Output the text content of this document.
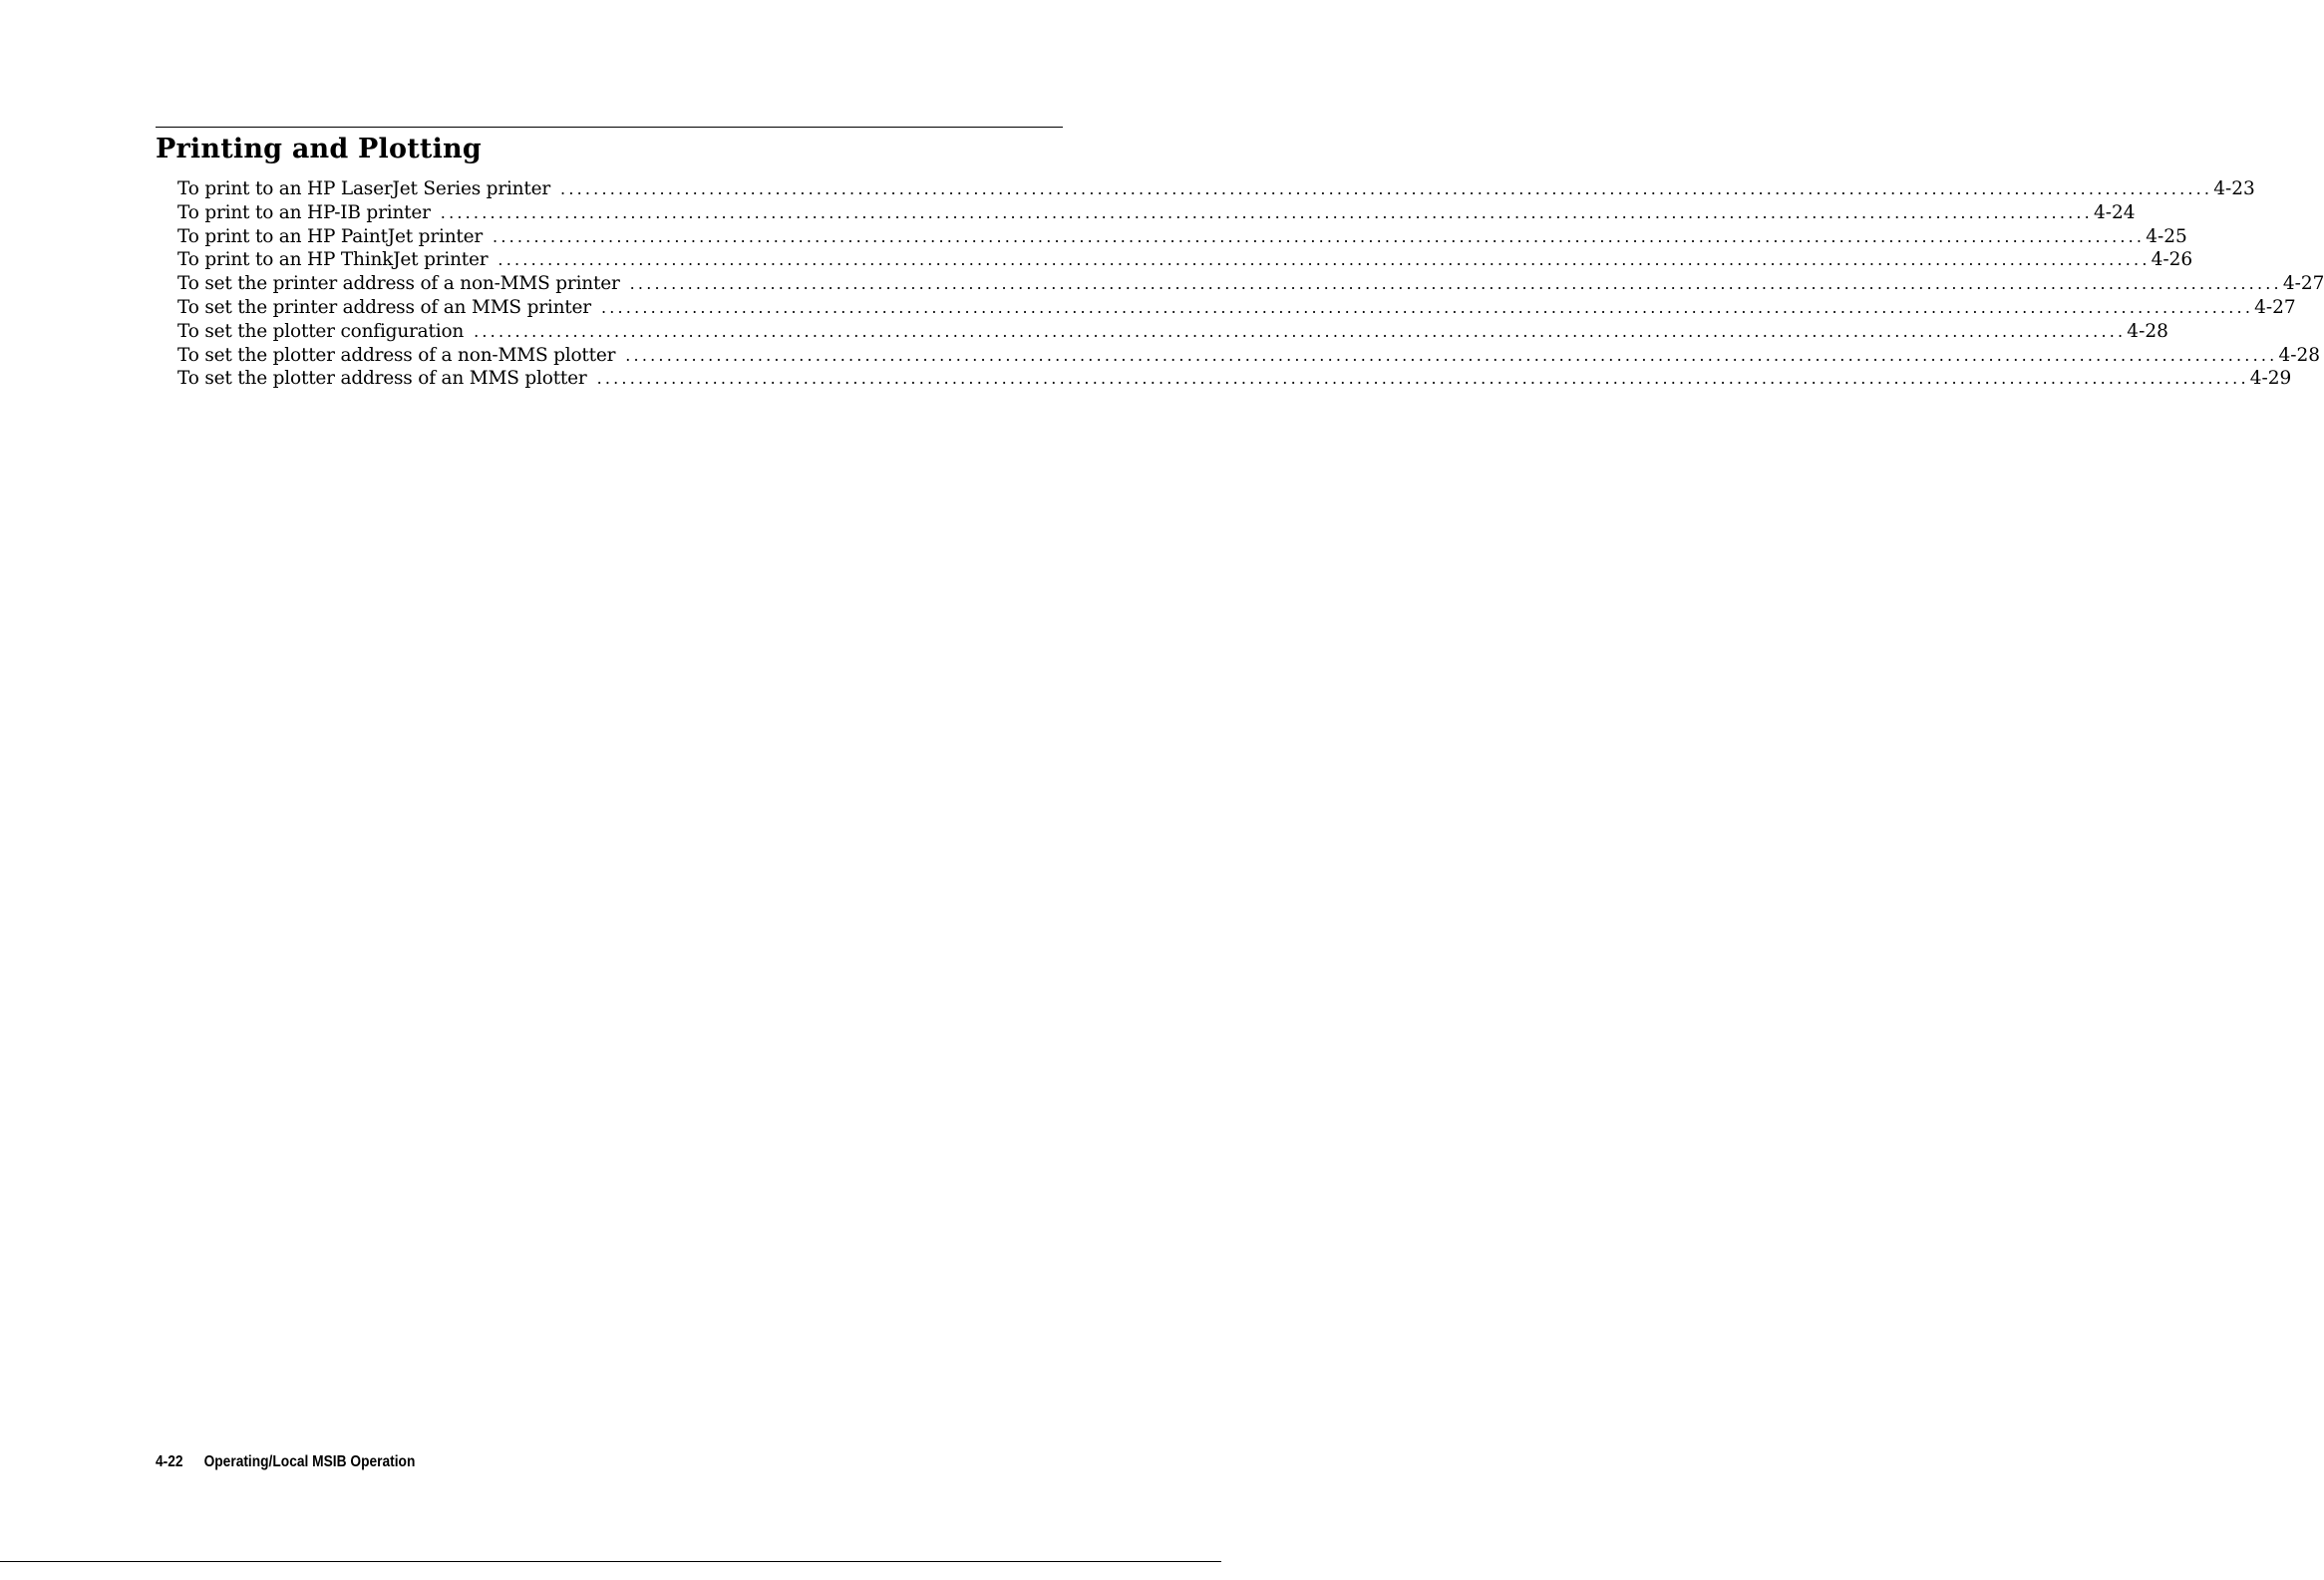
Printing and Plotting
To print to an HP LaserJet Series printer ........................................................................................................................................................................................................ 4-23
To print to an HP-IB printer ........................................................................................................................................................................................................ 4-24
To print to an HP PaintJet printer ........................................................................................................................................................................................................ 4-25
To print to an HP ThinkJet printer ........................................................................................................................................................................................................ 4-26
To set the printer address of a non-MMS printer ........................................................................................................................................................................................................ 4-27
To set the printer address of an MMS printer ........................................................................................................................................................................................................ 4-27
To set the plotter configuration ........................................................................................................................................................................................................ 4-28
To set the plotter address of a non-MMS plotter ........................................................................................................................................................................................................ 4-28
To set the plotter address of an MMS plotter ........................................................................................................................................................................................................ 4-29
4-22 Operating/Local MSIB Operation
